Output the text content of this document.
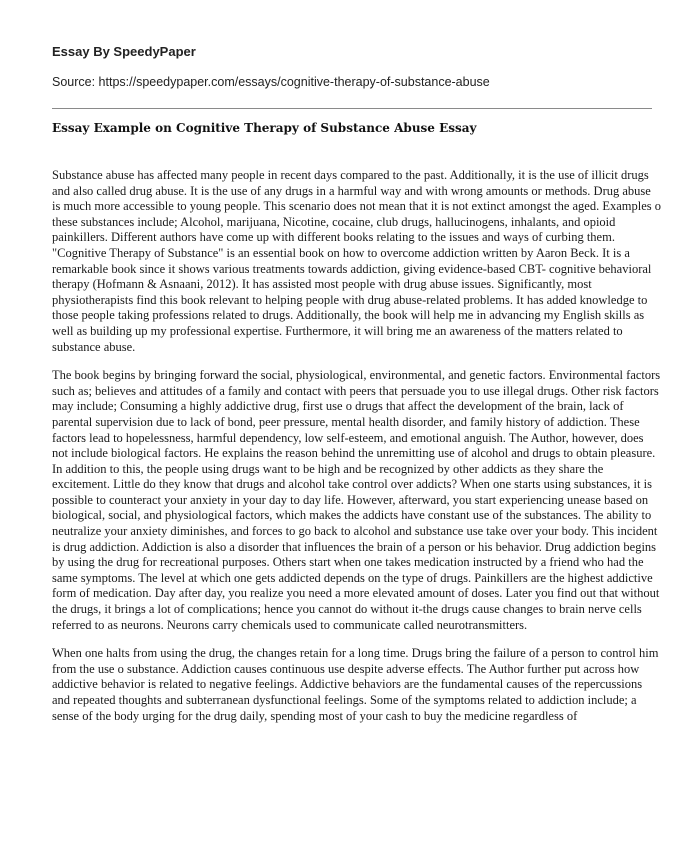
Essay By SpeedyPaper
Source: https://speedypaper.com/essays/cognitive-therapy-of-substance-abuse
Essay Example on Cognitive Therapy of Substance Abuse Essay

Substance abuse has affected many people in recent days compared to the past. Additionally, it is the use of illicit drugs and also called drug abuse. It is the use of any drugs in a harmful way and with wrong amounts or methods. Drug abuse is much more accessible to young people. This scenario does not mean that it is not extinct amongst the aged. Examples o these substances include; Alcohol, marijuana, Nicotine, cocaine, club drugs, hallucinogens, inhalants, and opioid painkillers. Different authors have come up with different books relating to the issues and ways of curbing them. "Cognitive Therapy of Substance" is an essential book on how to overcome addiction written by Aaron Beck. It is a remarkable book since it shows various treatments towards addiction, giving evidence-based CBT- cognitive behavioral therapy (Hofmann & Asnaani, 2012). It has assisted most people with drug abuse issues. Significantly, most physiotherapists find this book relevant to helping people with drug abuse-related problems. It has added knowledge to those people taking professions related to drugs. Additionally, the book will help me in advancing my English skills as well as building up my professional expertise. Furthermore, it will bring me an awareness of the matters related to substance abuse.

The book begins by bringing forward the social, physiological, environmental, and genetic factors. Environmental factors such as; believes and attitudes of a family and contact with peers that persuade you to use illegal drugs. Other risk factors may include; Consuming a highly addictive drug, first use o drugs that affect the development of the brain, lack of parental supervision due to lack of bond, peer pressure, mental health disorder, and family history of addiction. These factors lead to hopelessness, harmful dependency, low self-esteem, and emotional anguish. The Author, however, does not include biological factors. He explains the reason behind the unremitting use of alcohol and drugs to obtain pleasure. In addition to this, the people using drugs want to be high and be recognized by other addicts as they share the excitement. Little do they know that drugs and alcohol take control over addicts? When one starts using substances, it is possible to counteract your anxiety in your day to day life. However, afterward, you start experiencing unease based on biological, social, and physiological factors, which makes the addicts have constant use of the substances. The ability to neutralize your anxiety diminishes, and forces to go back to alcohol and substance use take over your body. This incident is drug addiction. Addiction is also a disorder that influences the brain of a person or his behavior. Drug addiction begins by using the drug for recreational purposes. Others start when one takes medication instructed by a friend who had the same symptoms. The level at which one gets addicted depends on the type of drugs. Painkillers are the highest addictive form of medication. Day after day, you realize you need a more elevated amount of doses. Later you find out that without the drugs, it brings a lot of complications; hence you cannot do without it-the drugs cause changes to brain nerve cells referred to as neurons. Neurons carry chemicals used to communicate called neurotransmitters.

When one halts from using the drug, the changes retain for a long time. Drugs bring the failure of a person to control him from the use o substance. Addiction causes continuous use despite adverse effects. The Author further put across how addictive behavior is related to negative feelings. Addictive behaviors are the fundamental causes of the repercussions and repeated thoughts and subterranean dysfunctional feelings. Some of the symptoms related to addiction include; a sense of the body urging for the drug daily, spending most of your cash to buy the medicine regardless of
